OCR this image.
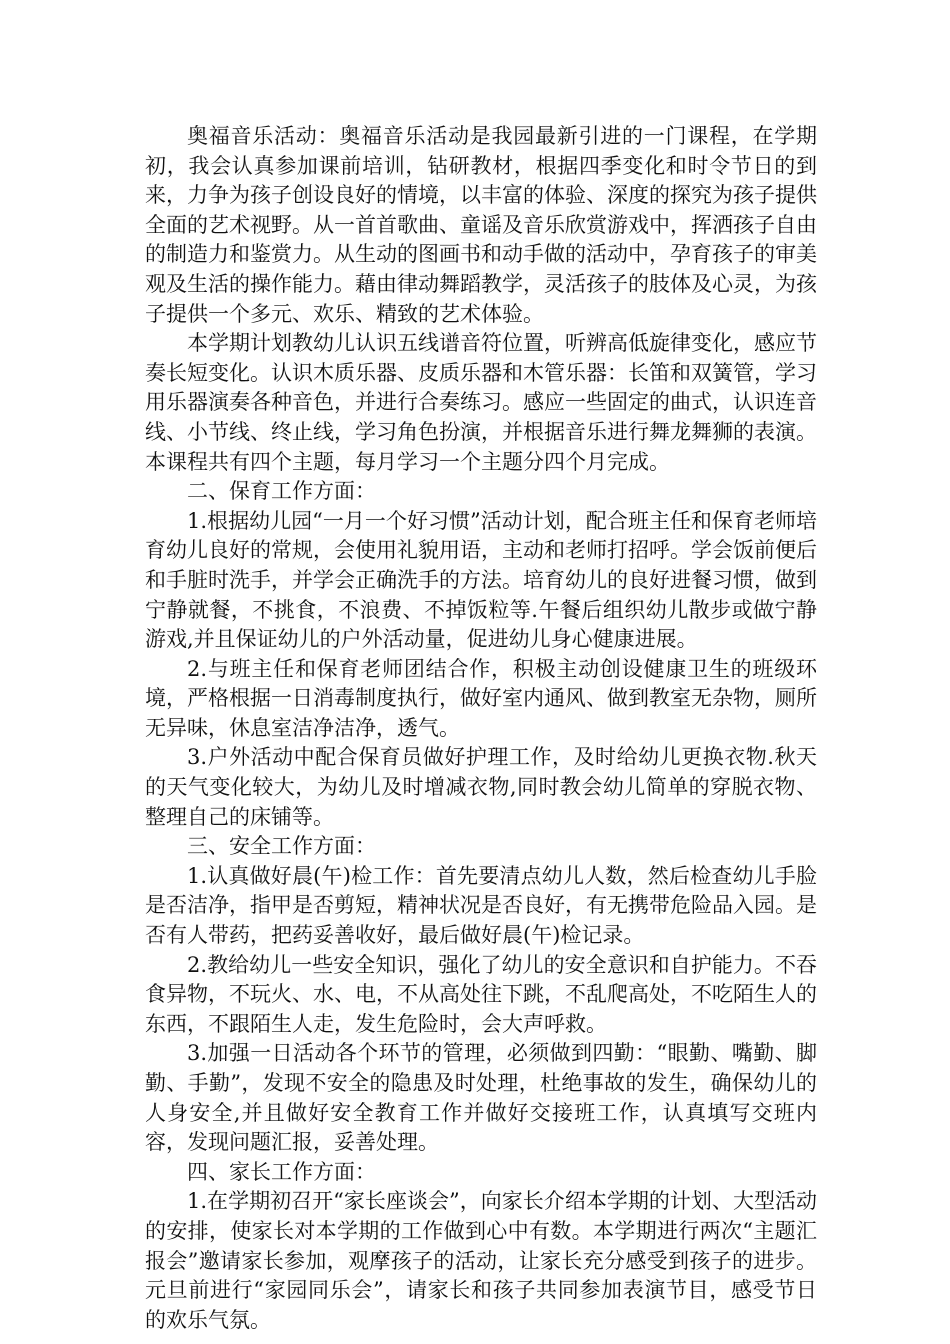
奥福音乐活动：奥福音乐活动是我园最新引进的一门课程，在学期初，我会认真参加课前培训，钻研教材，根据四季变化和时令节日的到来，力争为孩子创设良好的情境，以丰富的体验、深度的探究为孩子提供全面的艺术视野。从一首首歌曲、童谣及音乐欣赏游戏中，挥洒孩子自由的制造力和鉴赏力。从生动的图画书和动手做的活动中，孕育孩子的审美观及生活的操作能力。藉由律动舞蹈教学，灵活孩子的肢体及心灵，为孩子提供一个多元、欢乐、精致的艺术体验。

本学期计划教幼儿认识五线谱音符位置，听辨高低旋律变化，感应节奏长短变化。认识木质乐器、皮质乐器和木管乐器：长笛和双簧管，学习用乐器演奏各种音色，并进行合奏练习。感应一些固定的曲式，认识连音线、小节线、终止线，学习角色扮演，并根据音乐进行舞龙舞狮的表演。本课程共有四个主题，每月学习一个主题分四个月完成。

二、保育工作方面：

1.根据幼儿园“一月一个好习惯”活动计划，配合班主任和保育老师培育幼儿良好的常规，会使用礼貌用语，主动和老师打招呼。学会饭前便后和手脏时洗手，并学会正确洗手的方法。培育幼儿的良好进餐习惯，做到宁静就餐，不挑食，不浪费、不掉饭粒等.午餐后组织幼儿散步或做宁静游戏,并且保证幼儿的户外活动量，促进幼儿身心健康进展。

2.与班主任和保育老师团结合作，积极主动创设健康卫生的班级环境，严格根据一日消毒制度执行，做好室内通风、做到教室无杂物，厕所无异味，休息室洁净洁净，透气。

3.户外活动中配合保育员做好护理工作，及时给幼儿更换衣物.秋天的天气变化较大，为幼儿及时增减衣物,同时教会幼儿简单的穿脱衣物、整理自己的床铺等。

三、安全工作方面：

1.认真做好晨(午)检工作：首先要清点幼儿人数，然后检查幼儿手脸是否洁净，指甲是否剪短，精神状况是否良好，有无携带危险品入园。是否有人带药，把药妥善收好，最后做好晨(午)检记录。

2.教给幼儿一些安全知识，强化了幼儿的安全意识和自护能力。不吞食异物，不玩火、水、电，不从高处往下跳，不乱爬高处，不吃陌生人的东西，不跟陌生人走，发生危险时，会大声呼救。

3.加强一日活动各个环节的管理，必须做到四勤：“眼勤、嘴勤、脚勤、手勤”，发现不安全的隐患及时处理，杜绝事故的发生，确保幼儿的人身安全,并且做好安全教育工作并做好交接班工作，认真填写交班内容，发现问题汇报，妥善处理。

四、家长工作方面：

1.在学期初召开“家长座谈会”，向家长介绍本学期的计划、大型活动的安排，使家长对本学期的工作做到心中有数。本学期进行两次“主题汇报会”邀请家长参加，观摩孩子的活动，让家长充分感受到孩子的进步。元旦前进行“家园同乐会”，请家长和孩子共同参加表演节目，感受节日的欢乐气氛。
